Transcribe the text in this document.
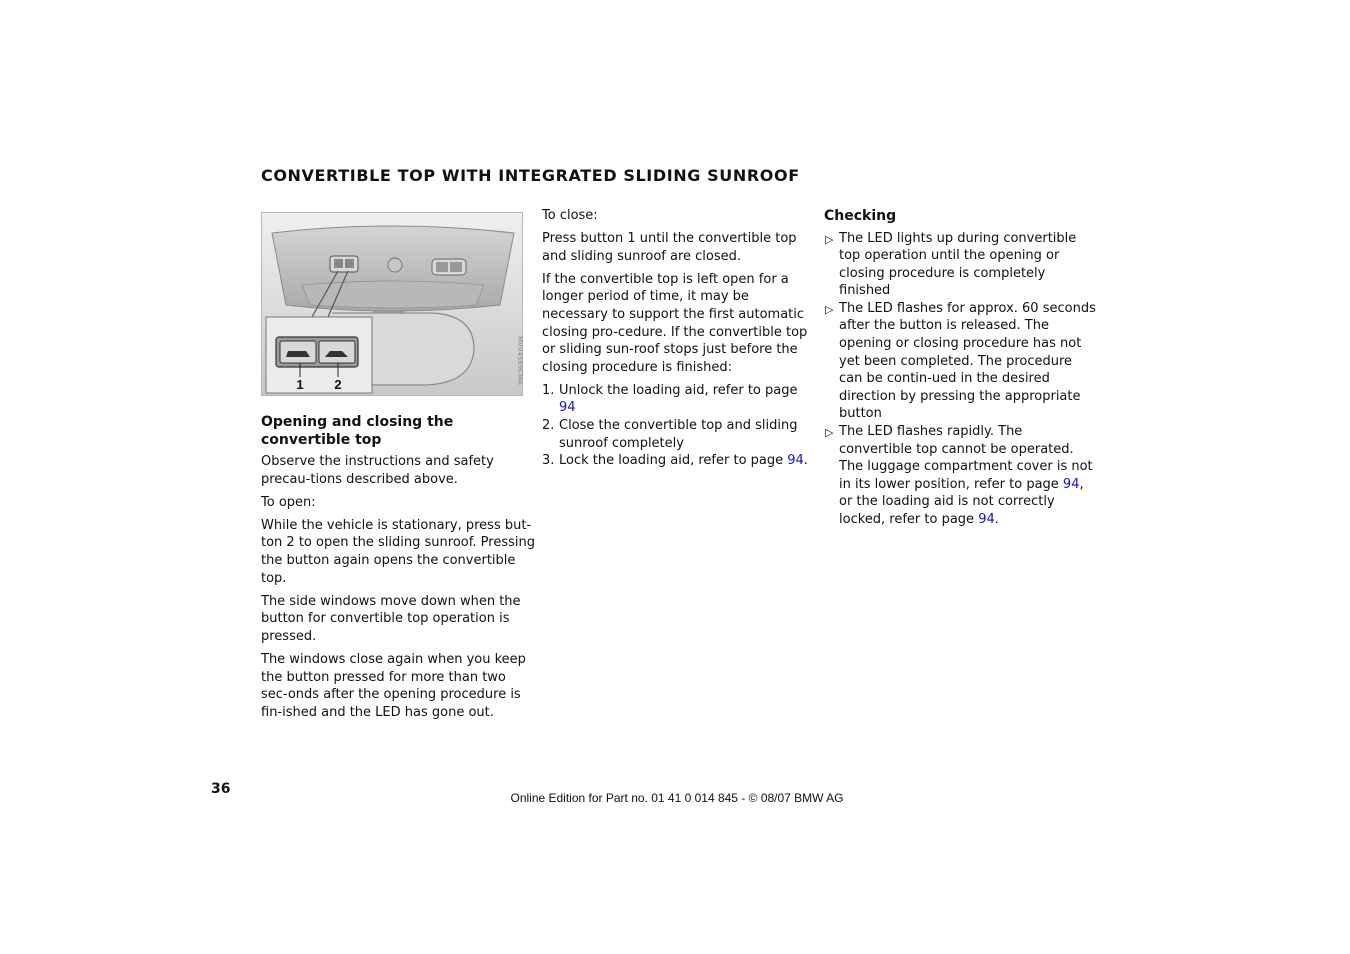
CONVERTIBLE TOP WITH INTEGRATED SLIDING SUNROOF
1 2	MV04569CMA
Opening and closing the convertible top

Observe the instructions and safety precau-tions described above.

To open:

While the vehicle is stationary, press but-ton 2 to open the sliding sunroof. Pressing the button again opens the convertible top.

The side windows move down when the button for convertible top operation is pressed.

The windows close again when you keep the button pressed for more than two sec-onds after the opening procedure is fin-ished and the LED has gone out.

To close:

Press button 1 until the convertible top and sliding sunroof are closed.

If the convertible top is left open for a longer period of time, it may be necessary to support the first automatic closing pro-cedure. If the convertible top or sliding sun-roof stops just before the closing procedure is finished:

1. Unlock the loading aid, refer to page 94
2. Close the convertible top and sliding sunroof completely
3. Lock the loading aid, refer to page 94.
Checking
▷ The LED lights up during convertible top operation until the opening or closing procedure is completely finished
▷ The LED flashes for approx. 60 seconds after the button is released. The opening or closing procedure has not yet been completed. The procedure can be contin-ued in the desired direction by pressing the appropriate button
▷ The LED flashes rapidly. The convertible top cannot be operated.
The luggage compartment cover is not in its lower position, refer to page 94, or the loading aid is not correctly locked, refer to page 94.
36
Online Edition for Part no. 01 41 0 014 845 - © 08/07 BMW AG
